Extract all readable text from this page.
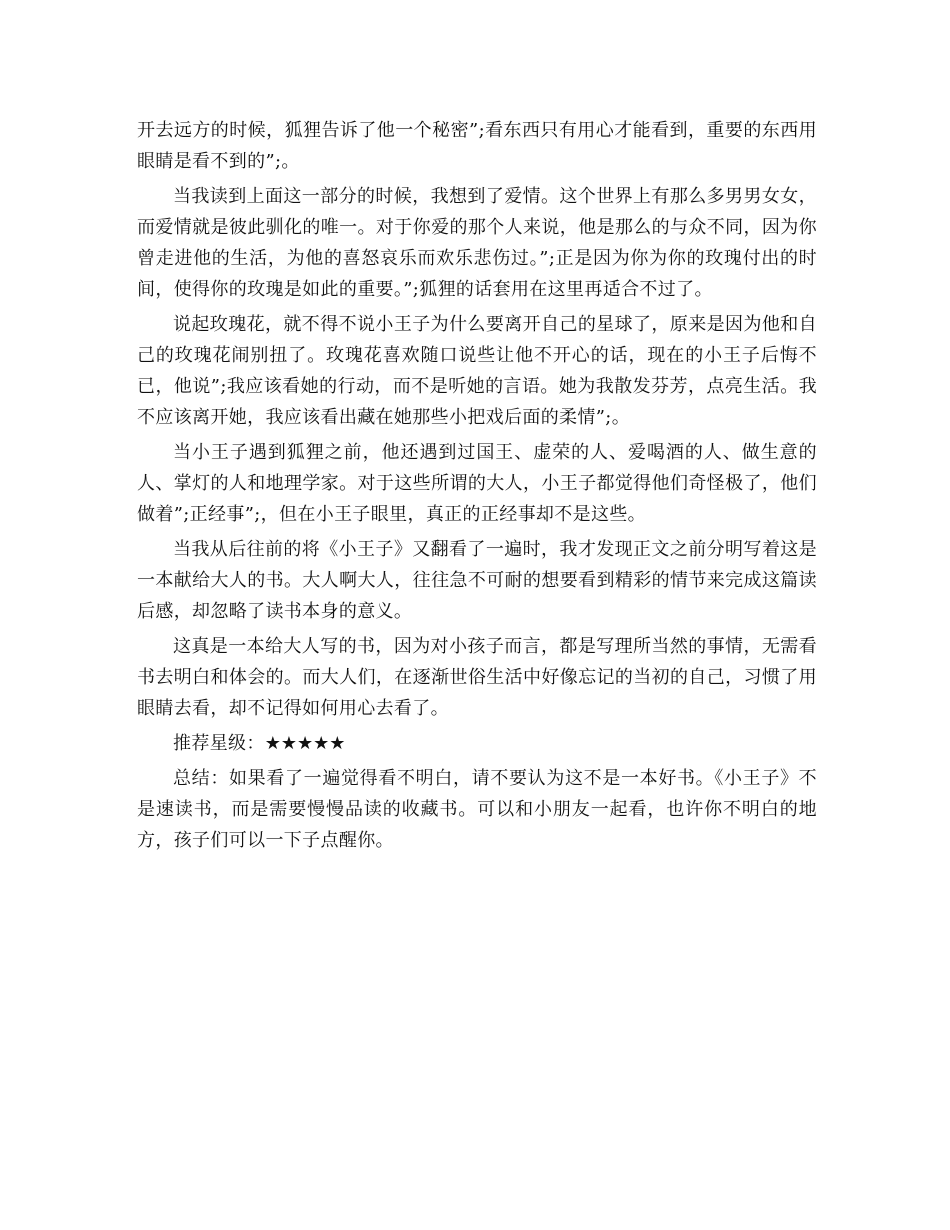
开去远方的时候，狐狸告诉了他一个秘密”;看东西只有用心才能看到，重要的东西用眼睛是看不到的”;。

当我读到上面这一部分的时候，我想到了爱情。这个世界上有那么多男男女女，而爱情就是彼此驯化的唯一。对于你爱的那个人来说，他是那么的与众不同，因为你曾走进他的生活，为他的喜怒哀乐而欢乐悲伤过。”;正是因为你为你的玫瑰付出的时间，使得你的玫瑰是如此的重要。”;狐狸的话套用在这里再适合不过了。

说起玫瑰花，就不得不说小王子为什么要离开自己的星球了，原来是因为他和自己的玫瑰花闹别扭了。玫瑰花喜欢随口说些让他不开心的话，现在的小王子后悔不已，他说”;我应该看她的行动，而不是听她的言语。她为我散发芬芳，点亮生活。我不应该离开她，我应该看出藏在她那些小把戏后面的柔情”;。

当小王子遇到狐狸之前，他还遇到过国王、虚荣的人、爱喝酒的人、做生意的人、掌灯的人和地理学家。对于这些所谓的大人，小王子都觉得他们奇怪极了，他们做着”;正经事”;，但在小王子眼里，真正的正经事却不是这些。

当我从后往前的将《小王子》又翻看了一遍时，我才发现正文之前分明写着这是一本献给大人的书。大人啊大人，往往急不可耐的想要看到精彩的情节来完成这篇读后感，却忽略了读书本身的意义。

这真是一本给大人写的书，因为对小孩子而言，都是写理所当然的事情，无需看书去明白和体会的。而大人们，在逐渐世俗生活中好像忘记的当初的自己，习惯了用眼睛去看，却不记得如何用心去看了。

推荐星级：★★★★★

总结：如果看了一遍觉得看不明白，请不要认为这不是一本好书。《小王子》不是速读书，而是需要慢慢品读的收藏书。可以和小朋友一起看，也许你不明白的地方，孩子们可以一下子点醒你。
